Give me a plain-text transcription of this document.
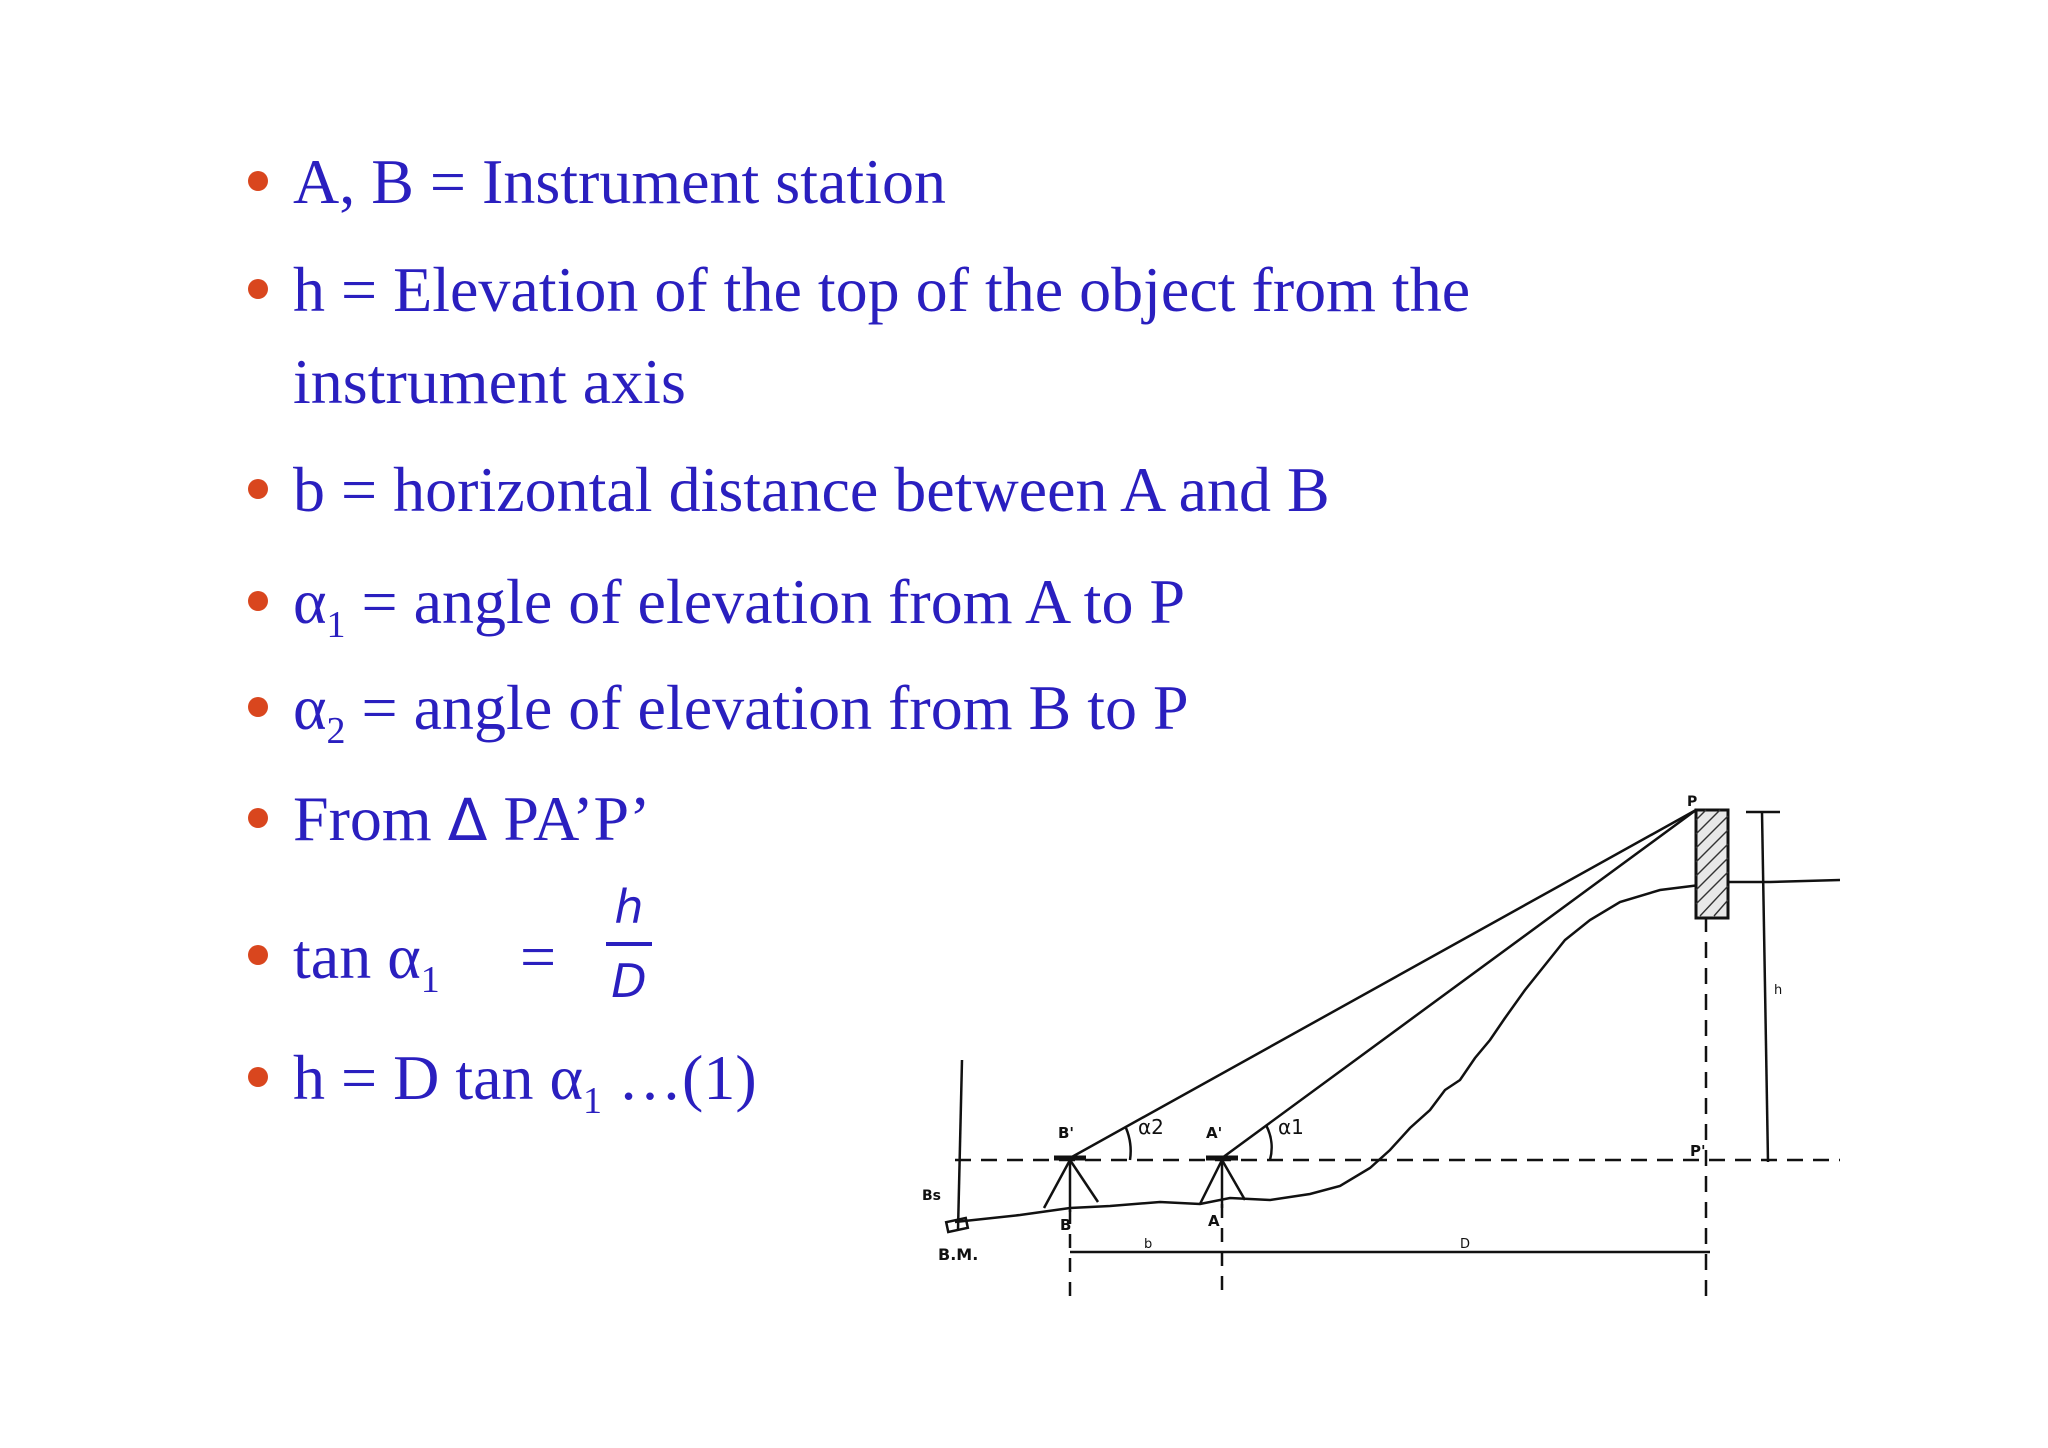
A, B = Instrument station
h = Elevation of the top of the object from the
instrument axis
b = horizontal distance between A and B
$\alpha_1$ = angle of elevation from A to P
$\alpha_2$ = angle of elevation from B to P
From Δ PA’P’
$\tan \alpha_1$ =
h
D
h = D $\tan \alpha_1$ …(1)
P
P'
B'	A'
α2	α1
B	A
Bs
B.M.
h
b	D
